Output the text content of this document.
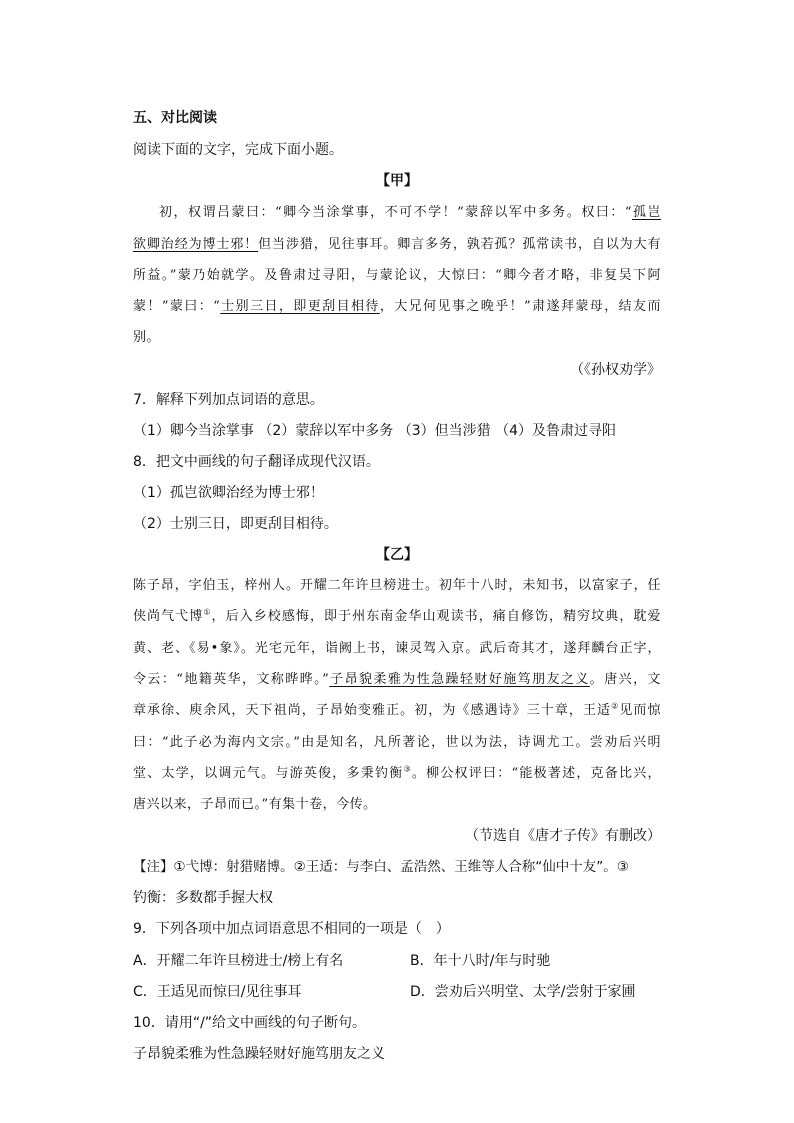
五、对比阅读
阅读下面的文字，完成下面小题。
【甲】
初，权谓吕蒙曰：“卿今当涂掌事，不可不学！”蒙辞以军中多务。权曰：“孤岂
欲卿治经为博士邪！但当涉猎，见往事耳。卿言多务，孰若孤？孤常读书，自以为大有
所益。”蒙乃始就学。及鲁肃过寻阳，与蒙论议，大惊曰：“卿今者才略，非复吴下阿
蒙！”蒙曰：“士别三日，即更刮目相待，大兄何见事之晚乎！”肃遂拜蒙母，结友而
别。
（《孙权劝学》
7．解释下列加点词语的意思。
（1）卿今当涂掌事 （2）蒙辞以军中多务 （3）但当涉猎 （4）及鲁肃过寻阳
8．把文中画线的句子翻译成现代汉语。
（1）孤岂欲卿治经为博士邪！
（2）士别三日，即更刮目相待。
【乙】
陈子昂，字伯玉，梓州人。开耀二年许旦榜进士。初年十八时，未知书，以富家子，任
侠尚气弋博①，后入乡校感悔，即于州东南金华山观读书，痛自修饬，精穷坟典，耽爱
黄、老、《易•象》。光宅元年，诣阙上书，谏灵驾入京。武后奇其才，遂拜麟台正字，
令云：“地籍英华，文称晔晔。”子昂貌柔雅为性急躁轻财好施笃朋友之义。唐兴，文
章承徐、庾余风，天下祖尚，子昂始变雅正。初，为《感遇诗》三十章，王适②见而惊
曰：“此子必为海内文宗。”由是知名，凡所著论，世以为法，诗调尤工。尝劝后兴明
堂、太学，以调元气。与游英俊，多秉钓衡③。柳公权评曰：“能极著述，克备比兴，
唐兴以来，子昂而已。”有集十卷，今传。
（节选自《唐才子传》有删改）
【注】①弋博：射猎赌博。②王适：与李白、孟浩然、王维等人合称“仙中十友”。③
钓衡：多数都手握大权
9．下列各项中加点词语意思不相同的一项是（　）
A．开耀二年许旦榜进士/榜上有名	B．年十八时/年与时驰
C．王适见而惊曰/见往事耳	D．尝劝后兴明堂、太学/尝射于家圃
10．请用“/”给文中画线的句子断句。
子昂貌柔雅为性急躁轻财好施笃朋友之义
